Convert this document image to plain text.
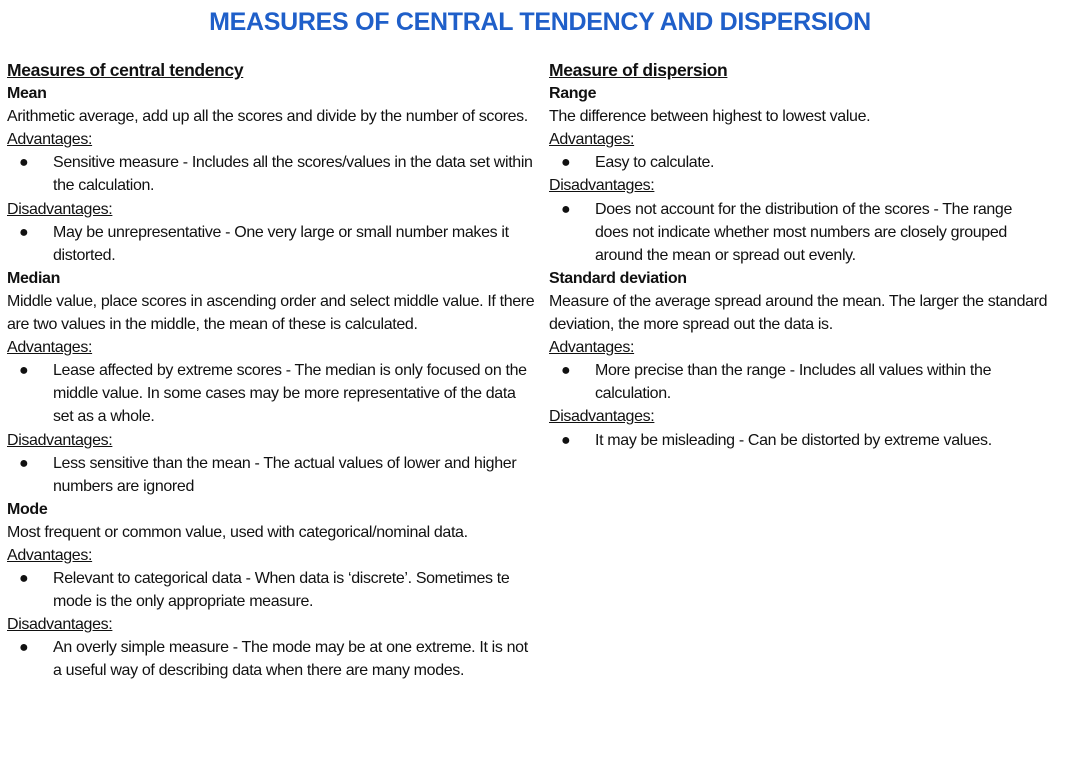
MEASURES OF CENTRAL TENDENCY AND DISPERSION
Measures of central tendency
Mean

Arithmetic average, add up all the scores and divide by the number of scores.

Advantages:
● Sensitive measure - Includes all the scores/values in the data set within the calculation.
Disadvantages:
● May be unrepresentative - One very large or small number makes it distorted.
Median

Middle value, place scores in ascending order and select middle value. If there are two values in the middle, the mean of these is calculated.

Advantages:
● Lease affected by extreme scores - The median is only focused on the middle value. In some cases may be more representative of the data set as a whole.
Disadvantages:
● Less sensitive than the mean - The actual values of lower and higher numbers are ignored
Mode

Most frequent or common value, used with categorical/nominal data.

Advantages:
● Relevant to categorical data - When data is ‘discrete’. Sometimes te mode is the only appropriate measure.
Disadvantages:
● An overly simple measure - The mode may be at one extreme. It is not a useful way of describing data when there are many modes.
Measure of dispersion
Range

The difference between highest to lowest value.

Advantages:
● Easy to calculate.
Disadvantages:
● Does not account for the distribution of the scores - The range does not indicate whether most numbers are closely grouped around the mean or spread out evenly.
Standard deviation

Measure of the average spread around the mean. The larger the standard deviation, the more spread out the data is.

Advantages:
● More precise than the range - Includes all values within the calculation.
Disadvantages:
● It may be misleading - Can be distorted by extreme values.
